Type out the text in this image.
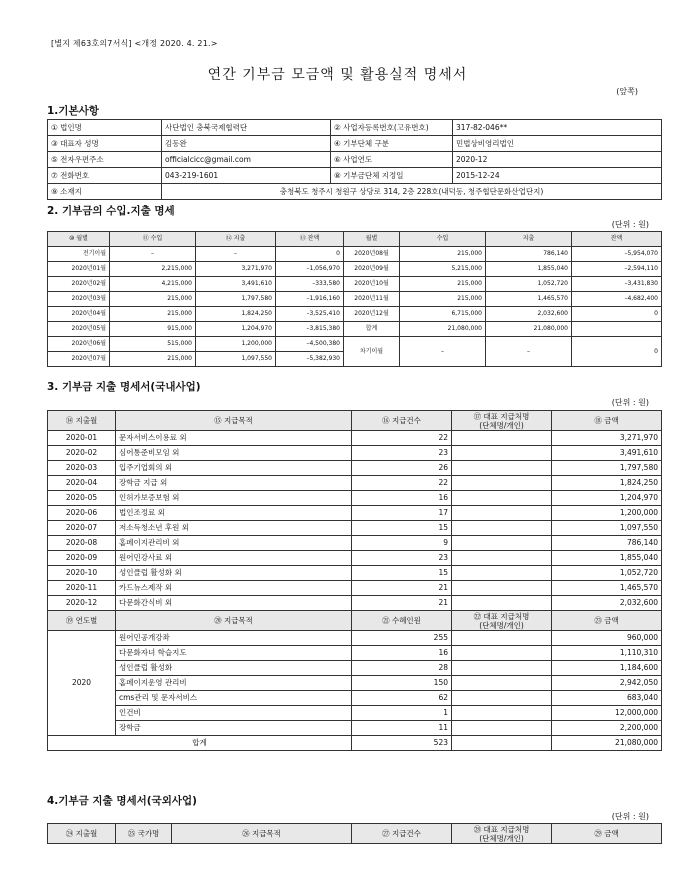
[별지 제63호의7서식] <개정 2020. 4. 21.>
연간 기부금 모금액 및 활용실적 명세서
(앞쪽)
1.기본사항
① 법인명	사단법인 충북국제협력단	② 사업자등록번호(고유번호)	317-82-046**
③ 대표자 성명	김동완	④ 기부단체 구분	민법상비영리법인
⑤ 전자우편주소	officialcicc@gmail.com	⑥ 사업연도	2020-12
⑦ 전화번호	043-219-1601	⑧ 기부금단체 지정일	2015-12-24
⑨ 소재지	충청북도 청주시 청원구 상당로 314, 2층 228호(내덕동, 청주협단문화산업단지)		
2. 기부금의 수입.지출 명세
(단위 : 원)
⑩ 월별	⑪ 수입	⑫ 지출	⑬ 잔액	월별	수입	지출	잔액
전기이월	–	–	0	2020년08월	215,000	786,140	–5,954,070
2020년01월	2,215,000	3,271,970	–1,056,970	2020년09월	5,215,000	1,855,040	–2,594,110
2020년02월	4,215,000	3,491,610	–333,580	2020년10월	215,000	1,052,720	–3,431,830
2020년03월	215,000	1,797,580	–1,916,160	2020년11월	215,000	1,465,570	–4,682,400
2020년04월	215,000	1,824,250	–3,525,410	2020년12월	6,715,000	2,032,600	0
2020년05월	915,000	1,204,970	–3,815,380	합계	21,080,000	21,080,000	
2020년06월	515,000	1,200,000	–4,500,380	차기이월	–	–	0
2020년07월	215,000	1,097,550	–5,382,930				
3. 기부금 지출 명세서(국내사업)
(단위 : 원)
⑭ 지출월	⑮ 지급목적	⑯ 지급건수	⑰ 대표 지급처명
(단체명/개인)	⑱ 금액
2020-01	문자서비스이용료 외	22		3,271,970
2020-02	심어통준비모임 외	23		3,491,610
2020-03	입주기업회의 외	26		1,797,580
2020-04	장학금 지급 외	22		1,824,250
2020-05	인허가보증보험 외	16		1,204,970
2020-06	법인조정료 외	17		1,200,000
2020-07	저소득청소년 후원 외	15		1,097,550
2020-08	홈페이지관리비 외	9		786,140
2020-09	원어민강사료 외	23		1,855,040
2020-10	성인클럽 활성화 외	15		1,052,720
2020-11	카드뉴스제작 외	21		1,465,570
2020-12	다문화간식비 외	21		2,032,600
⑲ 연도별	⑳ 지급목적	㉑ 수혜인원	㉒ 대표 지급처명
(단체명/개인)	㉓ 금액
2020	원어민공개강좌	255		960,000
	다문화자녀 학습지도	16		1,110,310
	성인클럽 활성화	28		1,184,600
	홈페이지운영 관리비	150		2,942,050
	cms관리 및 문자서비스	62		683,040
	인건비	1		12,000,000
	장학금	11		2,200,000
합계		523		21,080,000
4.기부금 지출 명세서(국외사업)
(단위 : 원)
㉔ 지출월	㉕ 국가명	㉖ 지급목적	㉗ 지급건수	㉘ 대표 지급처명
(단체명/개인)	㉙ 금액
